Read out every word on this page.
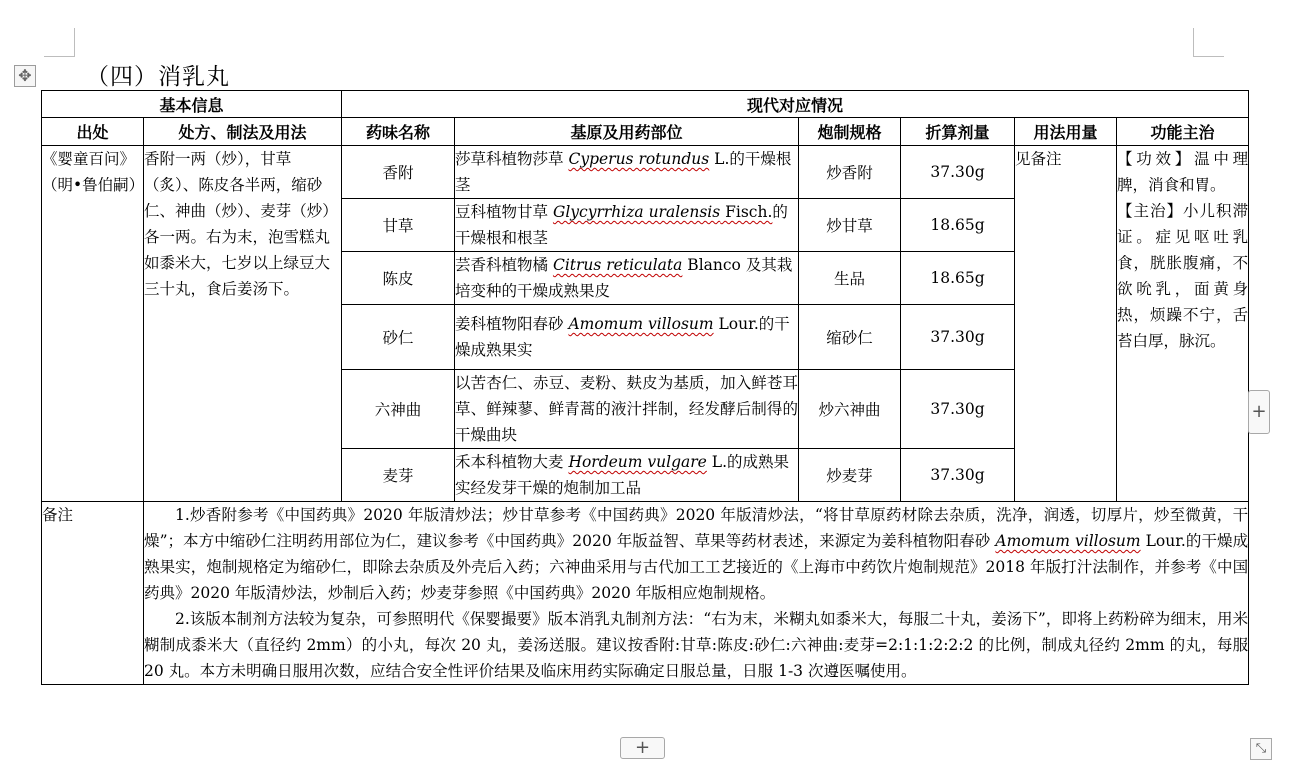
✥ （四）消乳丸
基本信息		现代对应情况					
出处	处方、制法及用法	药味名称	基原及用药部位	炮制规格	折算剂量	用法用量	功能主治
《婴童百问》（明•鲁伯嗣）	香附一两（炒），甘草（炙）、陈皮各半两，缩砂仁、神曲（炒）、麦芽（炒）各一两。右为末，泡雪糕丸如黍米大，七岁以上绿豆大三十丸，食后姜汤下。	香附	莎草科植物莎草 Cyperus rotundus L.的干燥根茎	炒香附	37.30g	见备注	【功效】温中理脾，消食和胃。
【主治】小儿积滞证。症见呕吐乳食，胱胀腹痛，不欲吮乳，面黄身热，烦躁不宁，舌苔白厚，脉沉。

		甘草	豆科植物甘草 Glycyrrhiza uralensis Fisch.的干燥根和根茎	炒甘草	18.65g		
		陈皮	芸香科植物橘 Citrus reticulata Blanco 及其栽培变种的干燥成熟果皮	生品	18.65g		
		砂仁	姜科植物阳春砂 Amomum villosum Lour.的干燥成熟果实	缩砂仁	37.30g		
		六神曲	以苦杏仁、赤豆、麦粉、麸皮为基质，加入鲜苍耳草、鲜辣蓼、鲜青蒿的液汁拌制，经发酵后制得的干燥曲块	炒六神曲	37.30g		
		麦芽	禾本科植物大麦 Hordeum vulgare L.的成熟果实经发芽干燥的炮制加工品	炒麦芽	37.30g		
备注	1.炒香附参考《中国药典》2020 年版清炒法；炒甘草参考《中国药典》2020 年版清炒法，“将甘草原药材除去杂质，洗净，润透，切厚片，炒至微黄，干燥”；本方中缩砂仁注明药用部位为仁，建议参考《中国药典》2020 年版益智、草果等药材表述，来源定为姜科植物阳春砂 Amomum villosum Lour.的干燥成熟果实，炮制规格定为缩砂仁，即除去杂质及外壳后入药；六神曲采用与古代加工工艺接近的《上海市中药饮片炮制规范》2018 年版打汁法制作，并参考《中国药典》2020 年版清炒法，炒制后入药；炒麦芽参照《中国药典》2020 年版相应炮制规格。

2.该版本制剂方法较为复杂，可参照明代《保婴撮要》版本消乳丸制剂方法：“右为末，米糊丸如黍米大，每服二十丸，姜汤下”，即将上药粉碎为细末，用米糊制成黍米大（直径约 2mm）的小丸，每次 20 丸，姜汤送服。建议按香附:甘草:陈皮:砂仁:六神曲:麦芽=2:1:1:2:2:2 的比例，制成丸径约 2mm 的丸，每服 20 丸。本方未明确日服用次数，应结合安全性评价结果及临床用药实际确定日服总量，日服 1-3 次遵医嘱使用。						

+
+	⤡
